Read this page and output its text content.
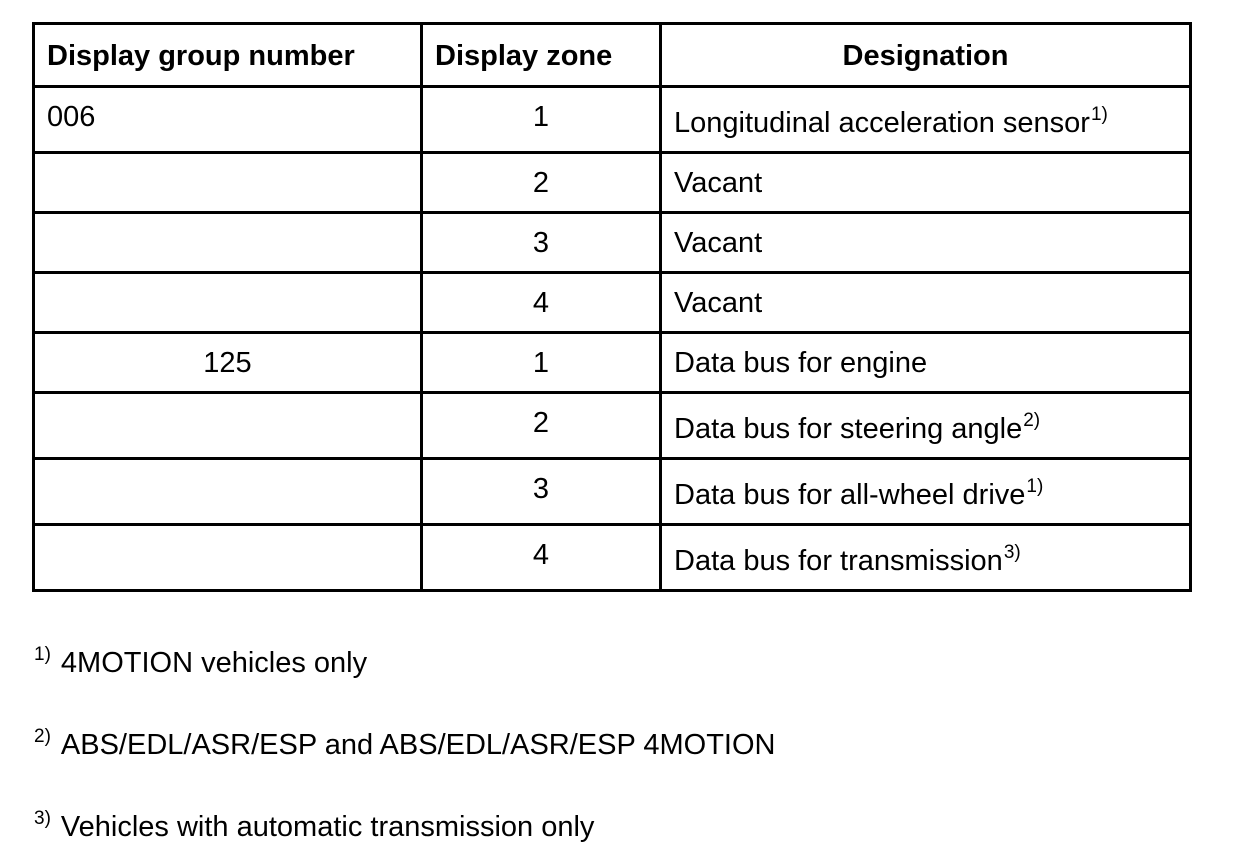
Display group number	Display zone	Designation
006	1	Longitudinal acceleration sensor$^{1)}$
	2	Vacant
	3	Vacant
	4	Vacant
125	1	Data bus for engine
	2	Data bus for steering angle$^{2)}$
	3	Data bus for all-wheel drive$^{1)}$
	4	Data bus for transmission$^{3)}$
$^{1)}$ 4MOTION vehicles only
$^{2)}$ ABS/EDL/ASR/ESP and ABS/EDL/ASR/ESP 4MOTION
$^{3)}$ Vehicles with automatic transmission only
